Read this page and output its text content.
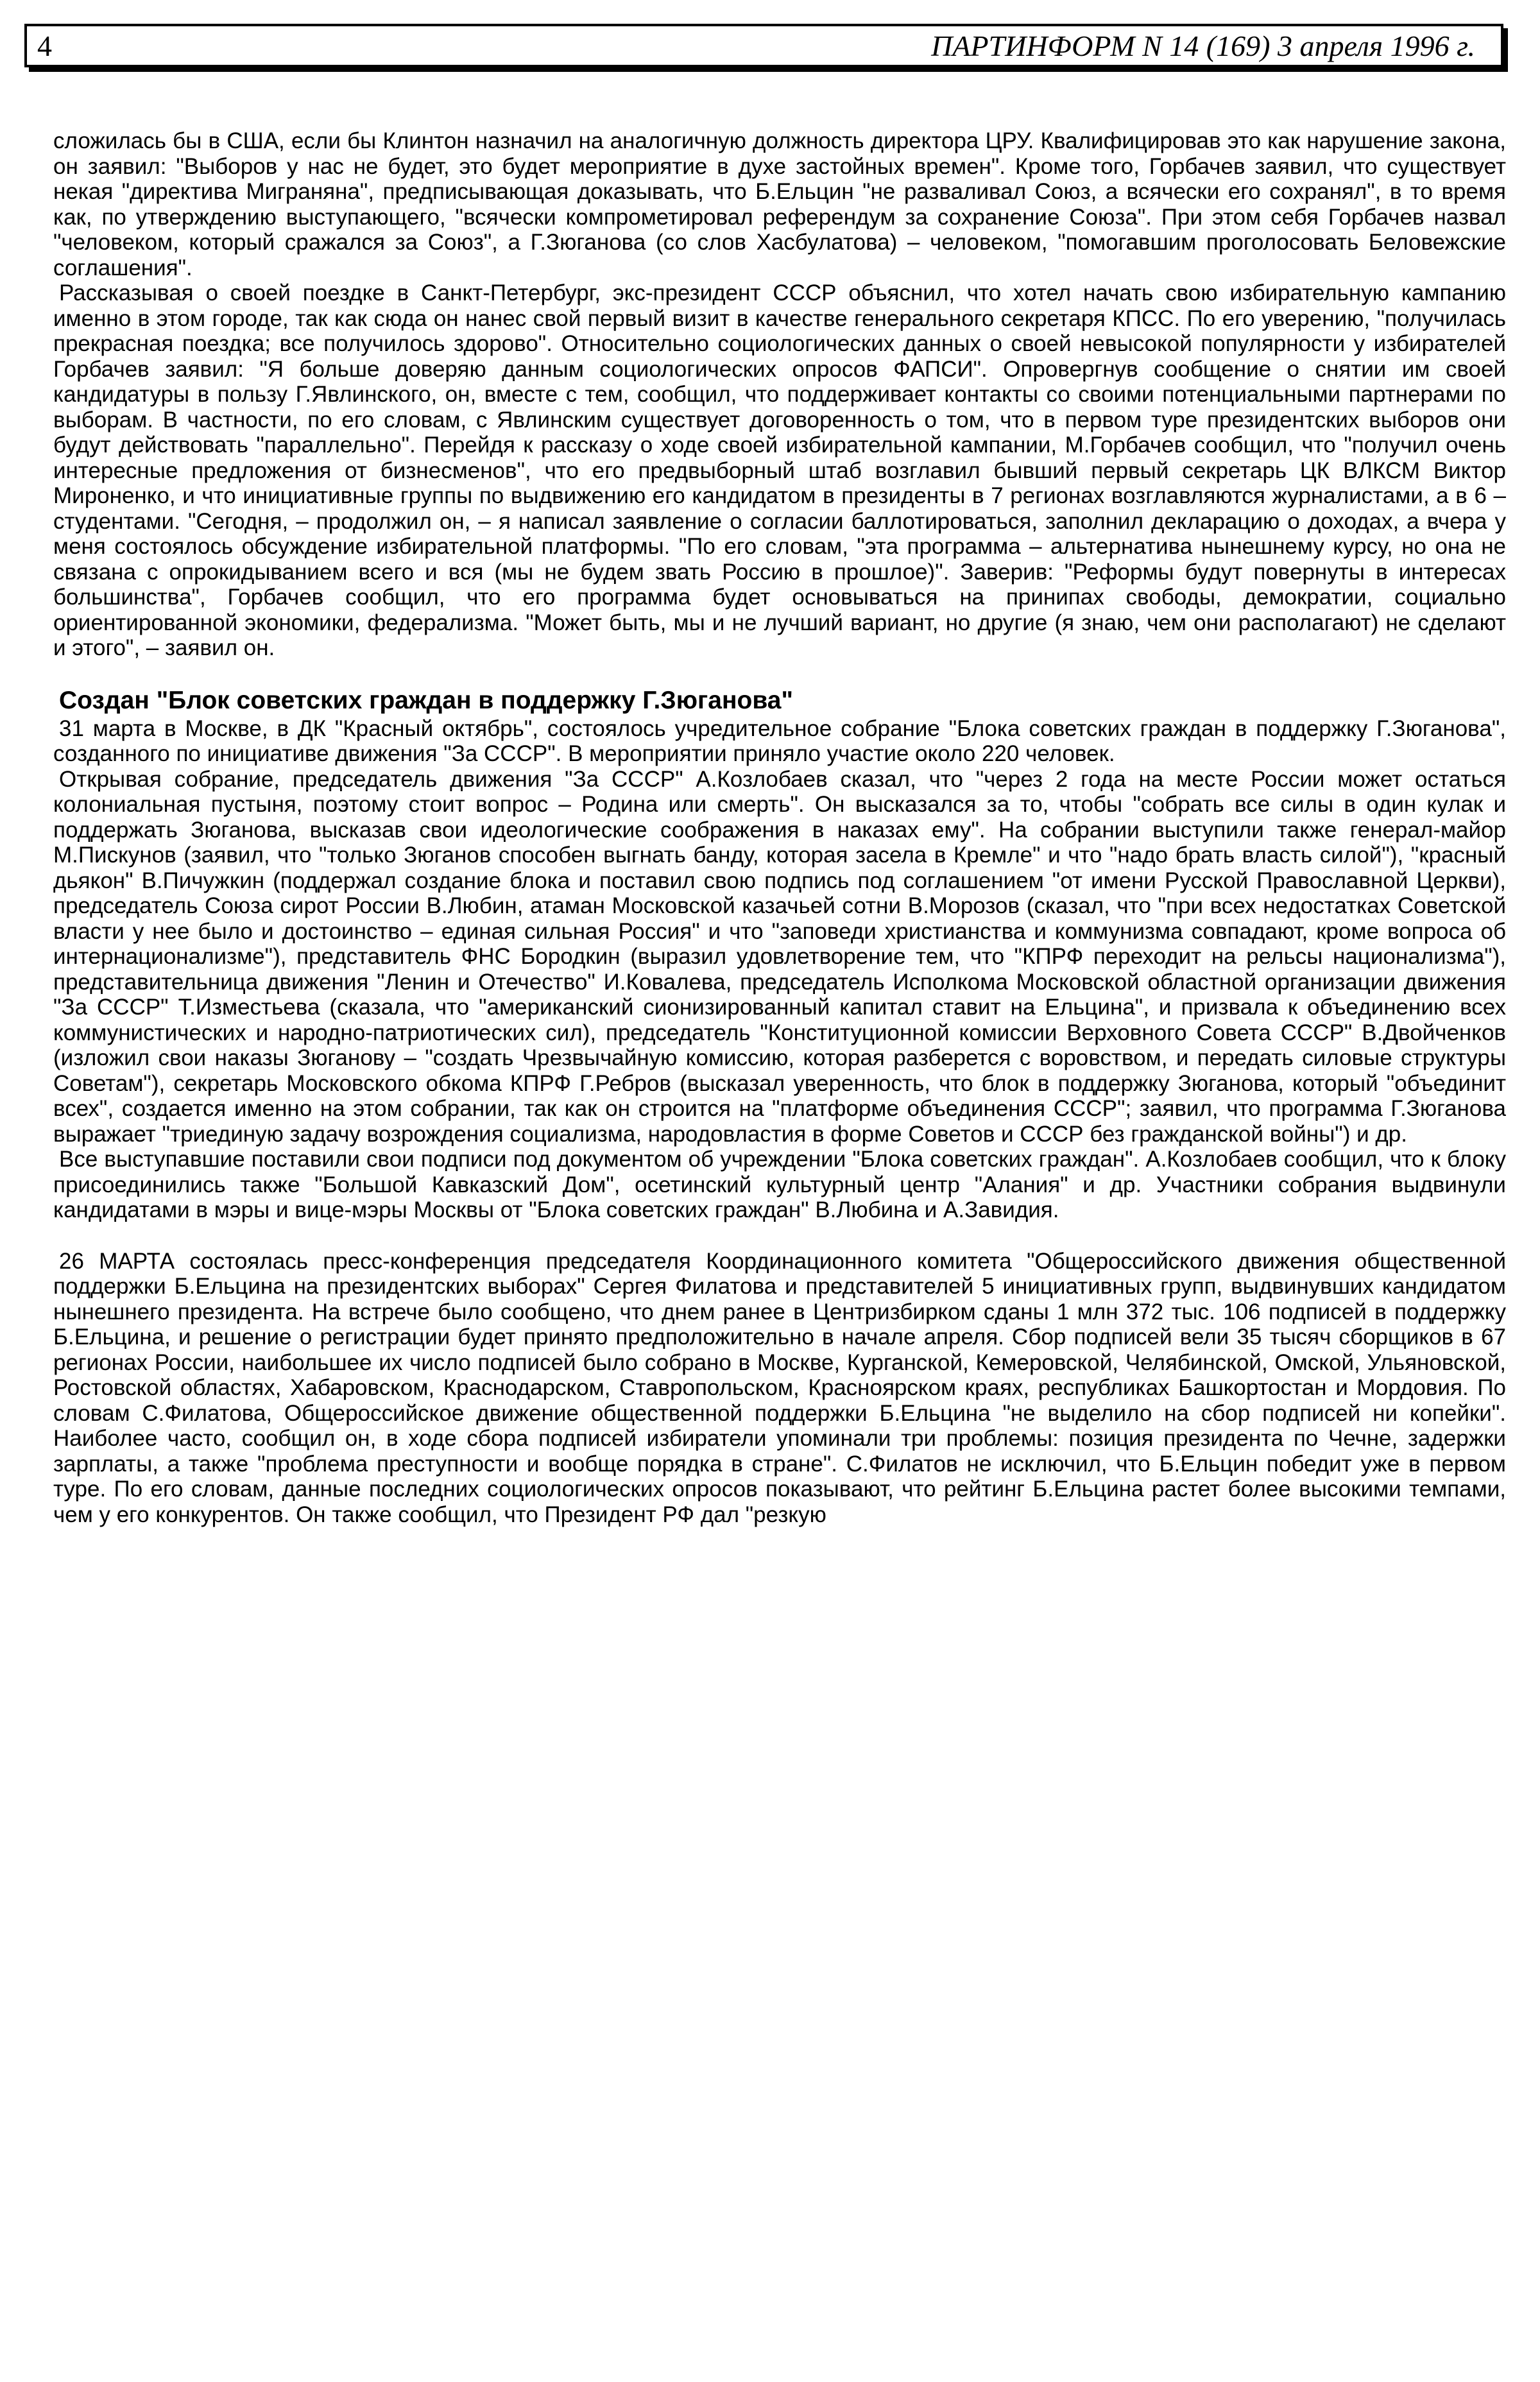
4	ПАРТИНФОРМ N 14 (169) 3 апреля 1996 г.

сложилась бы в США, если бы Клинтон назначил на аналогичную должность директора ЦРУ. Квалифицировав это как нарушение закона, он заявил: "Выборов у нас не будет, это будет мероприятие в духе застойных времен". Кроме того, Горбачев заявил, что существует некая "директива Мигpаняна", предписывающая доказывать, что Б.Ельцин "не разваливал Союз, а всячески его сохранял", в то время как, по утверждению выступающего, "всячески компрометировал референдум за сохранение Союза". При этом себя Горбачев назвал "человеком, который сражался за Союз", а Г.Зюганова (со слов Хасбулатова) – человеком, "помогавшим проголосовать Беловежские соглашения".

Рассказывая о своей поездке в Санкт-Петербург, экс-президент СССР объяснил, что хотел начать свою избирательную кампанию именно в этом городе, так как сюда он нанес свой первый визит в качестве генерального секретаря КПСС. По его уверению, "получилась прекрасная поездка; все получилось здорово". Относительно социологических данных о своей невысокой популярности у избирателей Горбачев заявил: "Я больше доверяю данным социологических опросов ФАПСИ". Опровергнув сообщение о снятии им своей кандидатуры в пользу Г.Явлинского, он, вместе с тем, сообщил, что поддерживает контакты со своими потенциальными партнерами по выборам. В частности, по его словам, с Явлинским существует договоренность о том, что в первом туре президентских выборов они будут действовать "параллельно". Перейдя к рассказу о ходе своей избирательной кампании, М.Горбачев сообщил, что "получил очень интересные предложения от бизнесменов", что его предвыборный штаб возглавил бывший первый секретарь ЦК ВЛКСМ Виктор Мироненко, и что инициативные группы по выдвижению его кандидатом в президенты в 7 регионах возглавляются журналистами, а в 6 – студентами. "Сегодня, – продолжил он, – я написал заявление о согласии баллотироваться, заполнил декларацию о доходах, а вчера у меня состоялось обсуждение избирательной платформы. "По его словам, "эта программа – альтернатива нынешнему курсу, но она не связана с опрокидыванием всего и вся (мы не будем звать Россию в прошлое)". Заверив: "Реформы будут повернуты в интересах большинства", Горбачев сообщил, что его программа будет основываться на принипах свободы, демократии, социально ориентированной экономики, федерализма. "Может быть, мы и не лучший вариант, но другие (я знаю, чем они располагают) не сделают и этого", – заявил он.

Создан "Блок советских граждан в поддержку Г.Зюганова"

31 марта в Москве, в ДК "Красный октябрь", состоялось учредительное собрание "Блока советских граждан в поддержку Г.Зюганова", созданного по инициативе движения "За СССР". В мероприятии приняло участие около 220 человек.

Открывая собрание, председатель движения "За СССР" А.Козлобаев сказал, что "через 2 года на месте России может остаться колониальная пустыня, поэтому стоит вопрос – Родина или смерть". Он высказался за то, чтобы "собрать все силы в один кулак и поддержать Зюганова, высказав свои идеологические соображения в наказах ему". На собрании выступили также генерал-майор М.Пискунов (заявил, что "только Зюганов способен выгнать банду, которая засела в Кремле" и что "надо брать власть силой"), "красный дьякон" В.Пичужкин (поддержал создание блока и поставил свою подпись под соглашением "от имени Русской Православной Церкви), председатель Союза сирот России В.Любин, атаман Московской казачьей сотни В.Морозов (сказал, что "при всех недостатках Советской власти у нее было и достоинство – единая сильная Россия" и что "заповеди христианства и коммунизма совпадают, кроме вопроса об интернационализме"), представитель ФНС Бородкин (выразил удовлетворение тем, что "КПРФ переходит на рельсы национализма"), представительница движения "Ленин и Отечество" И.Ковалева, председатель Исполкома Московской областной организации движения "За СССР" Т.Изместьева (сказала, что "американский сионизированный капитал ставит на Ельцина", и призвала к объединению всех коммунистических и народно-патриотических сил), председатель "Конституционной комиссии Верховного Совета СССР" В.Двойченков (изложил свои наказы Зюганову – "создать Чрезвычайную комиссию, которая разберется с воровством, и передать силовые структуры Советам"), секретарь Московского обкома КПРФ Г.Ребров (высказал уверенность, что блок в поддержку Зюганова, который "объединит всех", создается именно на этом собрании, так как он строится на "платформе объединения СССР"; заявил, что программа Г.Зюганова выражает "триединую задачу возрождения социализма, народовластия в форме Советов и СССР без гражданской войны") и др.

Все выступавшие поставили свои подписи под документом об учреждении "Блока советских граждан". А.Козлобаев сообщил, что к блоку присоединились также "Большой Кавказский Дом", осетинский культурный центр "Алания" и др. Участники собрания выдвинули кандидатами в мэры и вице-мэры Москвы от "Блока советских граждан" В.Любина и А.Завидия.

26 МАРТА состоялась пресс-конференция председателя Координационного комитета "Общероссийского движения общественной поддержки Б.Ельцина на президентских выборах" Сергея Филатова и представителей 5 инициативных групп, выдвинувших кандидатом нынешнего президента. На встрече было сообщено, что днем ранее в Центризбирком сданы 1 млн 372 тыс. 106 подписей в поддержку Б.Ельцина, и решение о регистрации будет принято предположительно в начале апреля. Сбор подписей вели 35 тысяч сборщиков в 67 регионах России, наибольшее их число подписей было собрано в Москве, Курганской, Кемеровской, Челябинской, Омской, Ульяновской, Ростовской областях, Хабаровском, Краснодарском, Ставропольском, Красноярском краях, республиках Башкортостан и Мордовия. По словам С.Филатова, Общероссийское движение общественной поддержки Б.Ельцина "не выделило на сбор подписей ни копейки". Наиболее часто, сообщил он, в ходе сбора подписей избиратели упоминали три проблемы: позиция президента по Чечне, задержки зарплаты, а также "проблема преступности и вообще порядка в стране". С.Филатов не исключил, что Б.Ельцин победит уже в первом туре. По его словам, данные последних социологических опросов показывают, что рейтинг Б.Ельцина растет более высокими темпами, чем у его конкурентов. Он также сообщил, что Президент РФ дал "резкую
